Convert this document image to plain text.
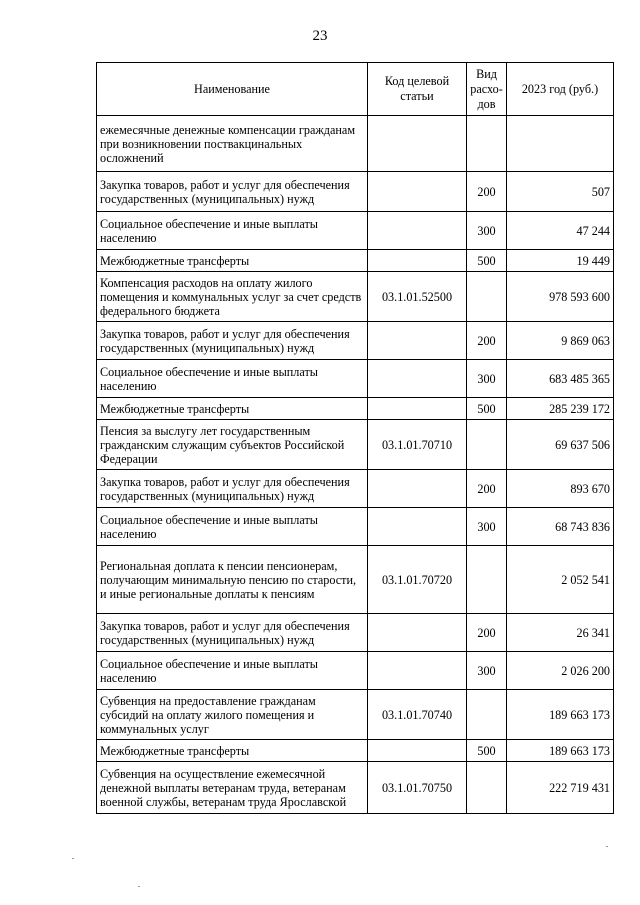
23
Наименование	Код целевой статьи	Вид расхо-дов	2023 год (руб.)
ежемесячные денежные компенсации гражданам при возникновении поствакцинальных осложнений			
Закупка товаров, работ и услуг для обеспечения государственных (муниципальных) нужд		200	507
Социальное обеспечение и иные выплаты населению		300	47 244
Межбюджетные трансферты		500	19 449
Компенсация расходов на оплату жилого помещения и коммунальных услуг за счет средств федерального бюджета	03.1.01.52500		978 593 600
Закупка товаров, работ и услуг для обеспечения государственных (муниципальных) нужд		200	9 869 063
Социальное обеспечение и иные выплаты населению		300	683 485 365
Межбюджетные трансферты		500	285 239 172
Пенсия за выслугу лет государственным гражданским служащим субъектов Российской Федерации	03.1.01.70710		69 637 506
Закупка товаров, работ и услуг для обеспечения государственных (муниципальных) нужд		200	893 670
Социальное обеспечение и иные выплаты населению		300	68 743 836
Региональная доплата к пенсии пенсионерам, получающим минимальную пенсию по старости, и иные региональные доплаты к пенсиям	03.1.01.70720		2 052 541
Закупка товаров, работ и услуг для обеспечения государственных (муниципальных) нужд		200	26 341
Социальное обеспечение и иные выплаты населению		300	2 026 200
Субвенция на предоставление гражданам субсидий на оплату жилого помещения и коммунальных услуг	03.1.01.70740		189 663 173
Межбюджетные трансферты		500	189 663 173
Субвенция на осуществление ежемесячной денежной выплаты ветеранам труда, ветеранам военной службы, ветеранам труда Ярославской	03.1.01.70750		222 719 431
